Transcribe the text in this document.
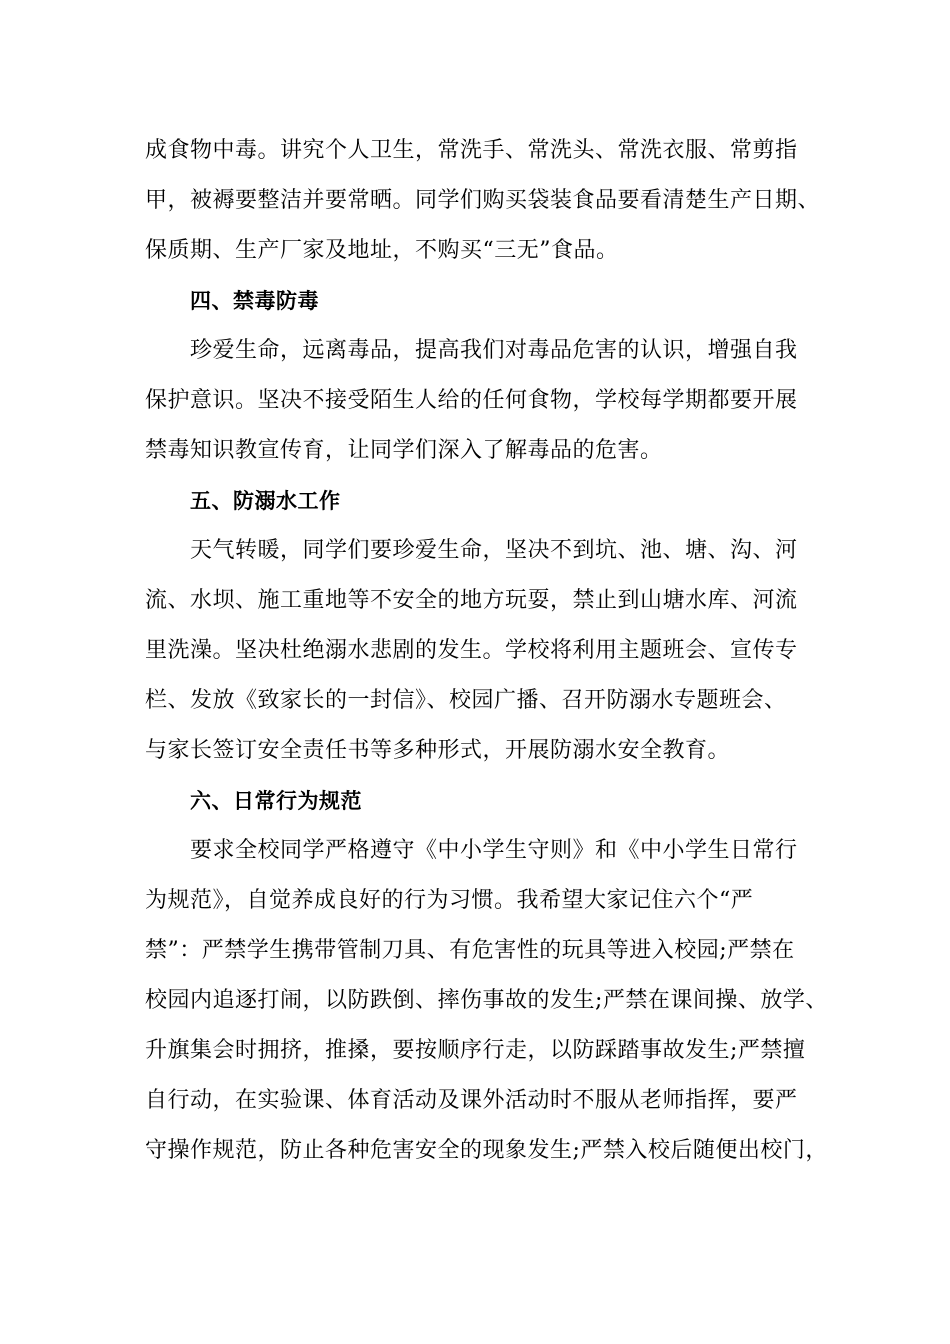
成食物中毒。讲究个人卫生，常洗手、常洗头、常洗衣服、常剪指
甲，被褥要整洁并要常晒。同学们购买袋装食品要看清楚生产日期、
保质期、生产厂家及地址，不购买“三无”食品。
四、禁毒防毒
珍爱生命，远离毒品，提高我们对毒品危害的认识，增强自我
保护意识。坚决不接受陌生人给的任何食物，学校每学期都要开展
禁毒知识教宣传育，让同学们深入了解毒品的危害。
五、防溺水工作
天气转暖，同学们要珍爱生命，坚决不到坑、池、塘、沟、河
流、水坝、施工重地等不安全的地方玩耍，禁止到山塘水库、河流
里洗澡。坚决杜绝溺水悲剧的发生。学校将利用主题班会、宣传专
栏、发放《致家长的一封信》、校园广播、召开防溺水专题班会、
与家长签订安全责任书等多种形式，开展防溺水安全教育。
六、日常行为规范
要求全校同学严格遵守《中小学生守则》和《中小学生日常行
为规范》，自觉养成良好的行为习惯。我希望大家记住六个“严
禁”：严禁学生携带管制刀具、有危害性的玩具等进入校园;严禁在
校园内追逐打闹，以防跌倒、摔伤事故的发生;严禁在课间操、放学、
升旗集会时拥挤，推搡，要按顺序行走，以防踩踏事故发生;严禁擅
自行动，在实验课、体育活动及课外活动时不服从老师指挥，要严
守操作规范，防止各种危害安全的现象发生;严禁入校后随便出校门，
